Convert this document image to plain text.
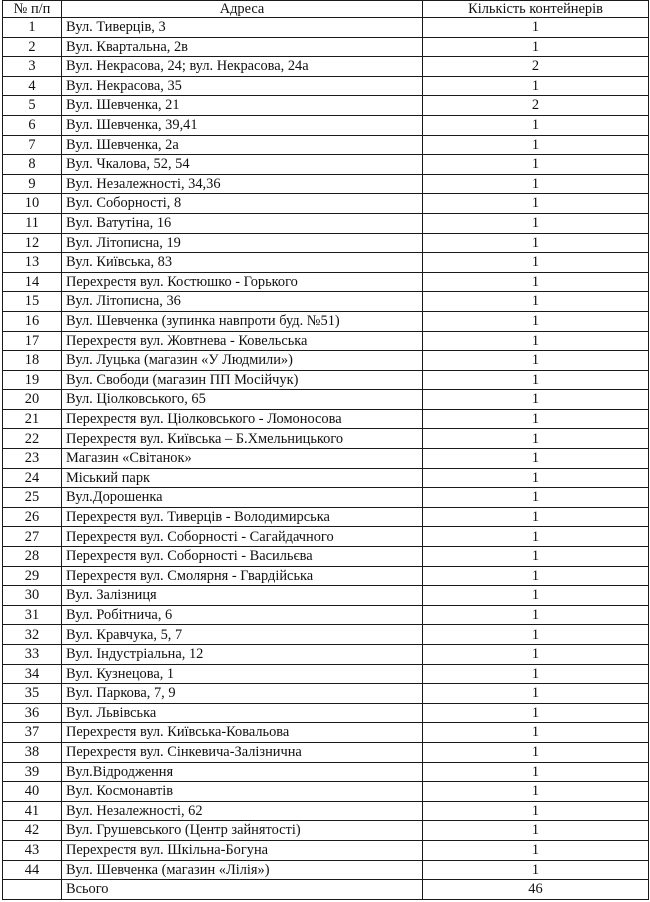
№ п/п	Адреса	Кількість контейнерів
1	Вул. Тиверців, 3	1
2	Вул. Квартальна, 2в	1
3	Вул. Некрасова, 24; вул. Некрасова, 24а	2
4	Вул. Некрасова, 35	1
5	Вул. Шевченка, 21	2
6	Вул. Шевченка, 39,41	1
7	Вул. Шевченка, 2а	1
8	Вул. Чкалова, 52, 54	1
9	Вул. Незалежності, 34,36	1
10	Вул. Соборності, 8	1
11	Вул. Ватутіна, 16	1
12	Вул. Літописна, 19	1
13	Вул. Київська, 83	1
14	Перехрестя вул. Костюшко - Горького	1
15	Вул. Літописна, 36	1
16	Вул. Шевченка (зупинка навпроти буд. №51)	1
17	Перехрестя вул. Жовтнева - Ковельська	1
18	Вул. Луцька (магазин «У Людмили»)	1
19	Вул. Свободи (магазин ПП Мосійчук)	1
20	Вул. Ціолковського, 65	1
21	Перехрестя вул. Ціолковського - Ломоносова	1
22	Перехрестя вул. Київська – Б.Хмельницького	1
23	Магазин «Світанок»	1
24	Міський парк	1
25	Вул.Дорошенка	1
26	Перехрестя вул. Тиверців - Володимирська	1
27	Перехрестя вул. Соборності - Сагайдачного	1
28	Перехрестя вул. Соборності - Васильєва	1
29	Перехрестя вул. Смолярня - Гвардійська	1
30	Вул. Залізниця	1
31	Вул. Робітнича, 6	1
32	Вул. Кравчука, 5, 7	1
33	Вул. Індустріальна, 12	1
34	Вул. Кузнецова, 1	1
35	Вул. Паркова, 7, 9	1
36	Вул. Львівська	1
37	Перехрестя вул. Київська-Ковальова	1
38	Перехрестя вул. Сінкевича-Залізнична	1
39	Вул.Відродження	1
40	Вул. Космонавтів	1
41	Вул. Незалежності, 62	1
42	Вул. Грушевського (Центр зайнятості)	1
43	Перехрестя вул. Шкільна-Богуна	1
44	Вул. Шевченка (магазин «Лілія»)	1
	Всього	46
